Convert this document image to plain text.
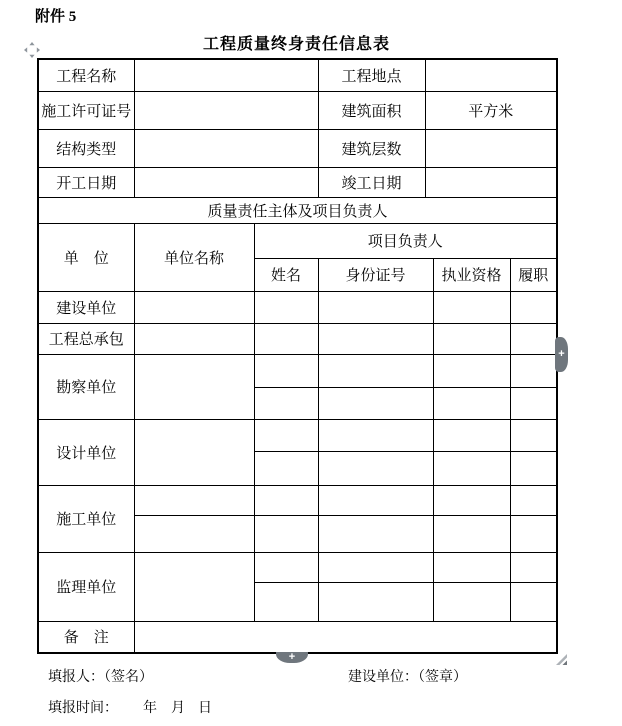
附件 5
工程质量终身责任信息表
工程名称			工程地点			
施工许可证号			建筑面积	平方米		
结构类型			建筑层数			
开工日期			竣工日期			
质量责任主体及项目负责人						
单　位	单位名称	项目负责人				
		姓名	身份证号		执业资格	履职
建设单位						
工程总承包						
勘察单位						

设计单位						

施工单位						

监理单位						

备　注						
+
+
填报人：（签名）	建设单位：（签章）
填报时间： 年 月 日
